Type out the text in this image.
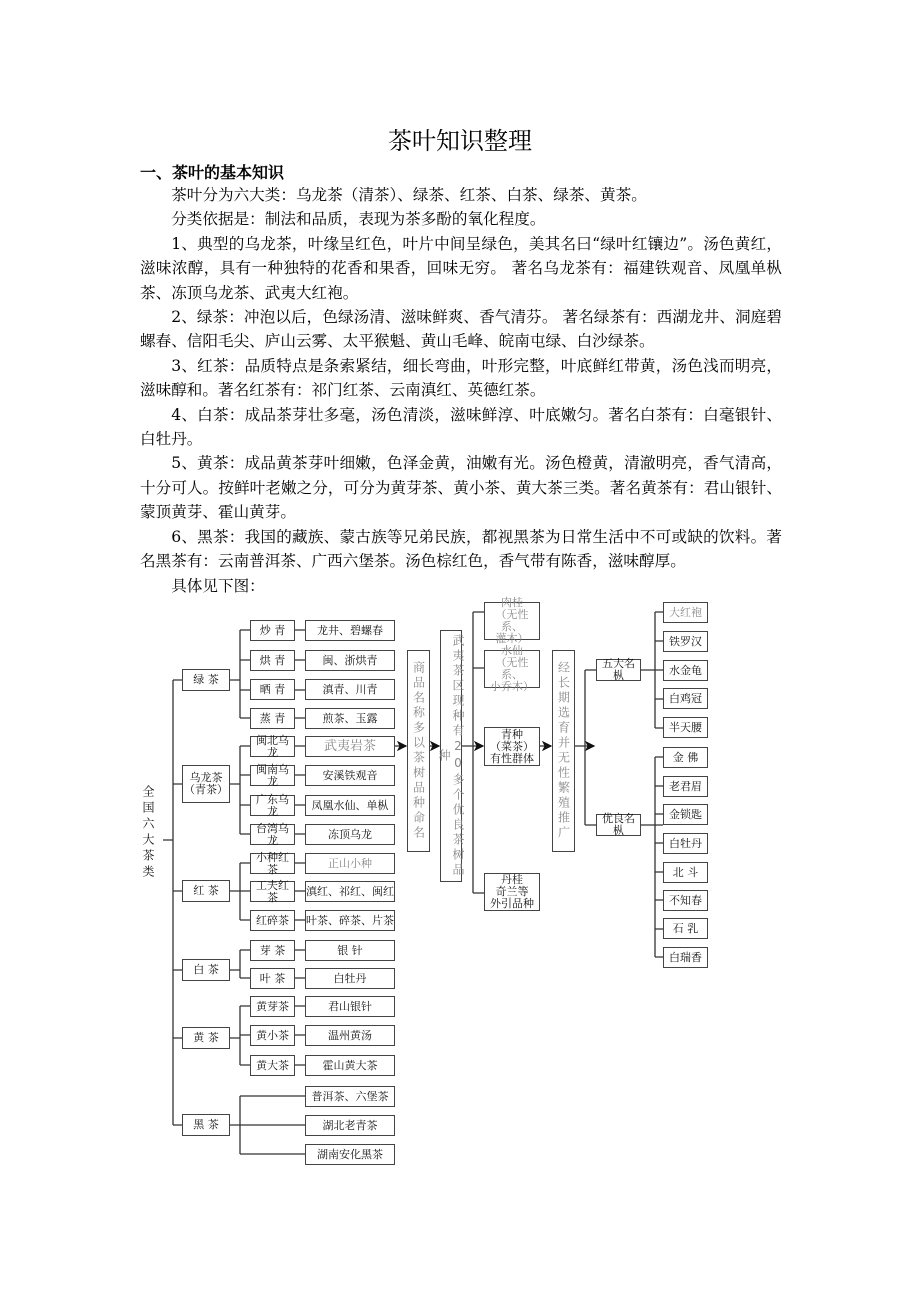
茶叶知识整理
一、茶叶的基本知识

茶叶分为六大类：乌龙茶（清茶）、绿茶、红茶、白茶、绿茶、黄茶。

分类依据是：制法和品质，表现为茶多酚的氧化程度。

1、典型的乌龙茶，叶缘呈红色，叶片中间呈绿色，美其名曰“绿叶红镶边”。汤色黄红，滋味浓醇，具有一种独特的花香和果香，回味无穷。 著名乌龙茶有：福建铁观音、凤凰单枞茶、冻顶乌龙茶、武夷大红袍。

2、绿茶：冲泡以后，色绿汤清、滋味鲜爽、香气清芬。 著名绿茶有：西湖龙井、洞庭碧螺春、信阳毛尖、庐山云雾、太平猴魁、黄山毛峰、皖南屯绿、白沙绿茶。

3、红茶：品质特点是条索紧结，细长弯曲，叶形完整，叶底鲜红带黄，汤色浅而明亮，滋味醇和。著名红茶有：祁门红茶、云南滇红、英德红茶。

4、白茶：成品茶芽壮多毫，汤色清淡，滋味鲜淳、叶底嫩匀。著名白茶有：白毫银针、白牡丹。

5、黄茶：成品黄茶芽叶细嫩，色泽金黄，油嫩有光。汤色橙黄，清澈明亮，香气清高，十分可人。按鲜叶老嫩之分，可分为黄芽茶、黄小茶、黄大茶三类。著名黄茶有：君山银针、蒙顶黄芽、霍山黄芽。

6、黑茶：我国的藏族、蒙古族等兄弟民族，都视黑茶为日常生活中不可或缺的饮料。著名黑茶有：云南普洱茶、广西六堡茶。汤色棕红色，香气带有陈香，滋味醇厚。

具体见下图：

全国六大茶类
绿 茶
乌龙茶
（青茶）
红 茶
白 茶
黄 茶
黑 茶
炒 青
烘 青
晒 青
蒸 青
闽北乌龙
闽南乌龙
广东乌龙
台湾乌龙
小种红茶
工夫红茶
红碎茶
芽 茶
叶 茶
黄芽茶
黄小茶
黄大茶
龙井、碧螺春
闽、浙烘青
滇青、川青
煎茶、玉露
武夷岩茶
安溪铁观音
凤凰水仙、单枞
冻顶乌龙
正山小种
滇红、祁红、闽红
叶茶、碎茶、片茶
银 针
白牡丹
君山银针
温州黄汤
霍山黄大茶
普洱茶、六堡茶
湖北老青茶
湖南安化黑茶
商品名称多以茶树品种命名	武夷茶区现种有20多个优良茶树品种
肉桂
（无性系、
灌木）
水仙
（无性系、
小乔木）
青种
（菜茶）
有性群体
丹桂
奇兰等
外引品种
经长期选育并无性繁殖推广	五大名枞
优良名枞
大红袍
铁罗汉
水金龟
白鸡冠
半天腰
金 佛
老君眉
金锁匙
白牡丹
北 斗
不知春
石 乳
白瑞香
